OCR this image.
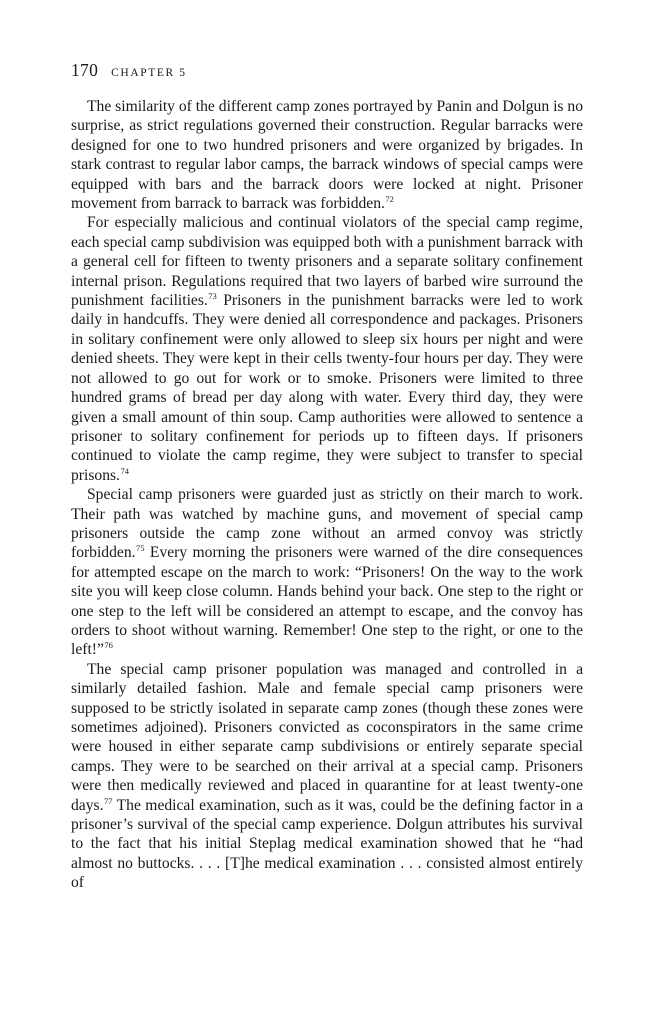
170 CHAPTER 5

The similarity of the different camp zones portrayed by Panin and Dolgun is no surprise, as strict regulations governed their construction. Regular barracks were designed for one to two hundred prisoners and were organized by brigades. In stark contrast to regular labor camps, the barrack windows of special camps were equipped with bars and the barrack doors were locked at night. Prisoner movement from barrack to barrack was forbidden.$^{72}$

For especially malicious and continual violators of the special camp regime, each special camp subdivision was equipped both with a punishment barrack with a general cell for fifteen to twenty prisoners and a separate solitary confinement internal prison. Regulations required that two layers of barbed wire surround the punishment facilities.$^{73}$ Prisoners in the punishment barracks were led to work daily in handcuffs. They were denied all correspondence and packages. Prisoners in solitary confinement were only allowed to sleep six hours per night and were denied sheets. They were kept in their cells twenty-four hours per day. They were not allowed to go out for work or to smoke. Prisoners were limited to three hundred grams of bread per day along with water. Every third day, they were given a small amount of thin soup. Camp authorities were allowed to sentence a prisoner to solitary confinement for periods up to fifteen days. If prisoners continued to violate the camp regime, they were subject to transfer to special prisons.$^{74}$

Special camp prisoners were guarded just as strictly on their march to work. Their path was watched by machine guns, and movement of special camp prisoners outside the camp zone without an armed convoy was strictly forbidden.$^{75}$ Every morning the prisoners were warned of the dire consequences for attempted escape on the march to work: “Prisoners! On the way to the work site you will keep close column. Hands behind your back. One step to the right or one step to the left will be considered an attempt to escape, and the convoy has orders to shoot without warning. Remember! One step to the right, or one to the left!”$^{76}$

The special camp prisoner population was managed and controlled in a similarly detailed fashion. Male and female special camp prisoners were supposed to be strictly isolated in separate camp zones (though these zones were sometimes adjoined). Prisoners convicted as coconspirators in the same crime were housed in either separate camp subdivisions or entirely separate special camps. They were to be searched on their arrival at a special camp. Prisoners were then medically reviewed and placed in quarantine for at least twenty-one days.$^{77}$ The medical examination, such as it was, could be the defining factor in a prisoner’s survival of the special camp experience. Dolgun attributes his survival to the fact that his initial Steplag medical examination showed that he “had almost no buttocks. . . . [T]he medical examination . . . consisted almost entirely of
